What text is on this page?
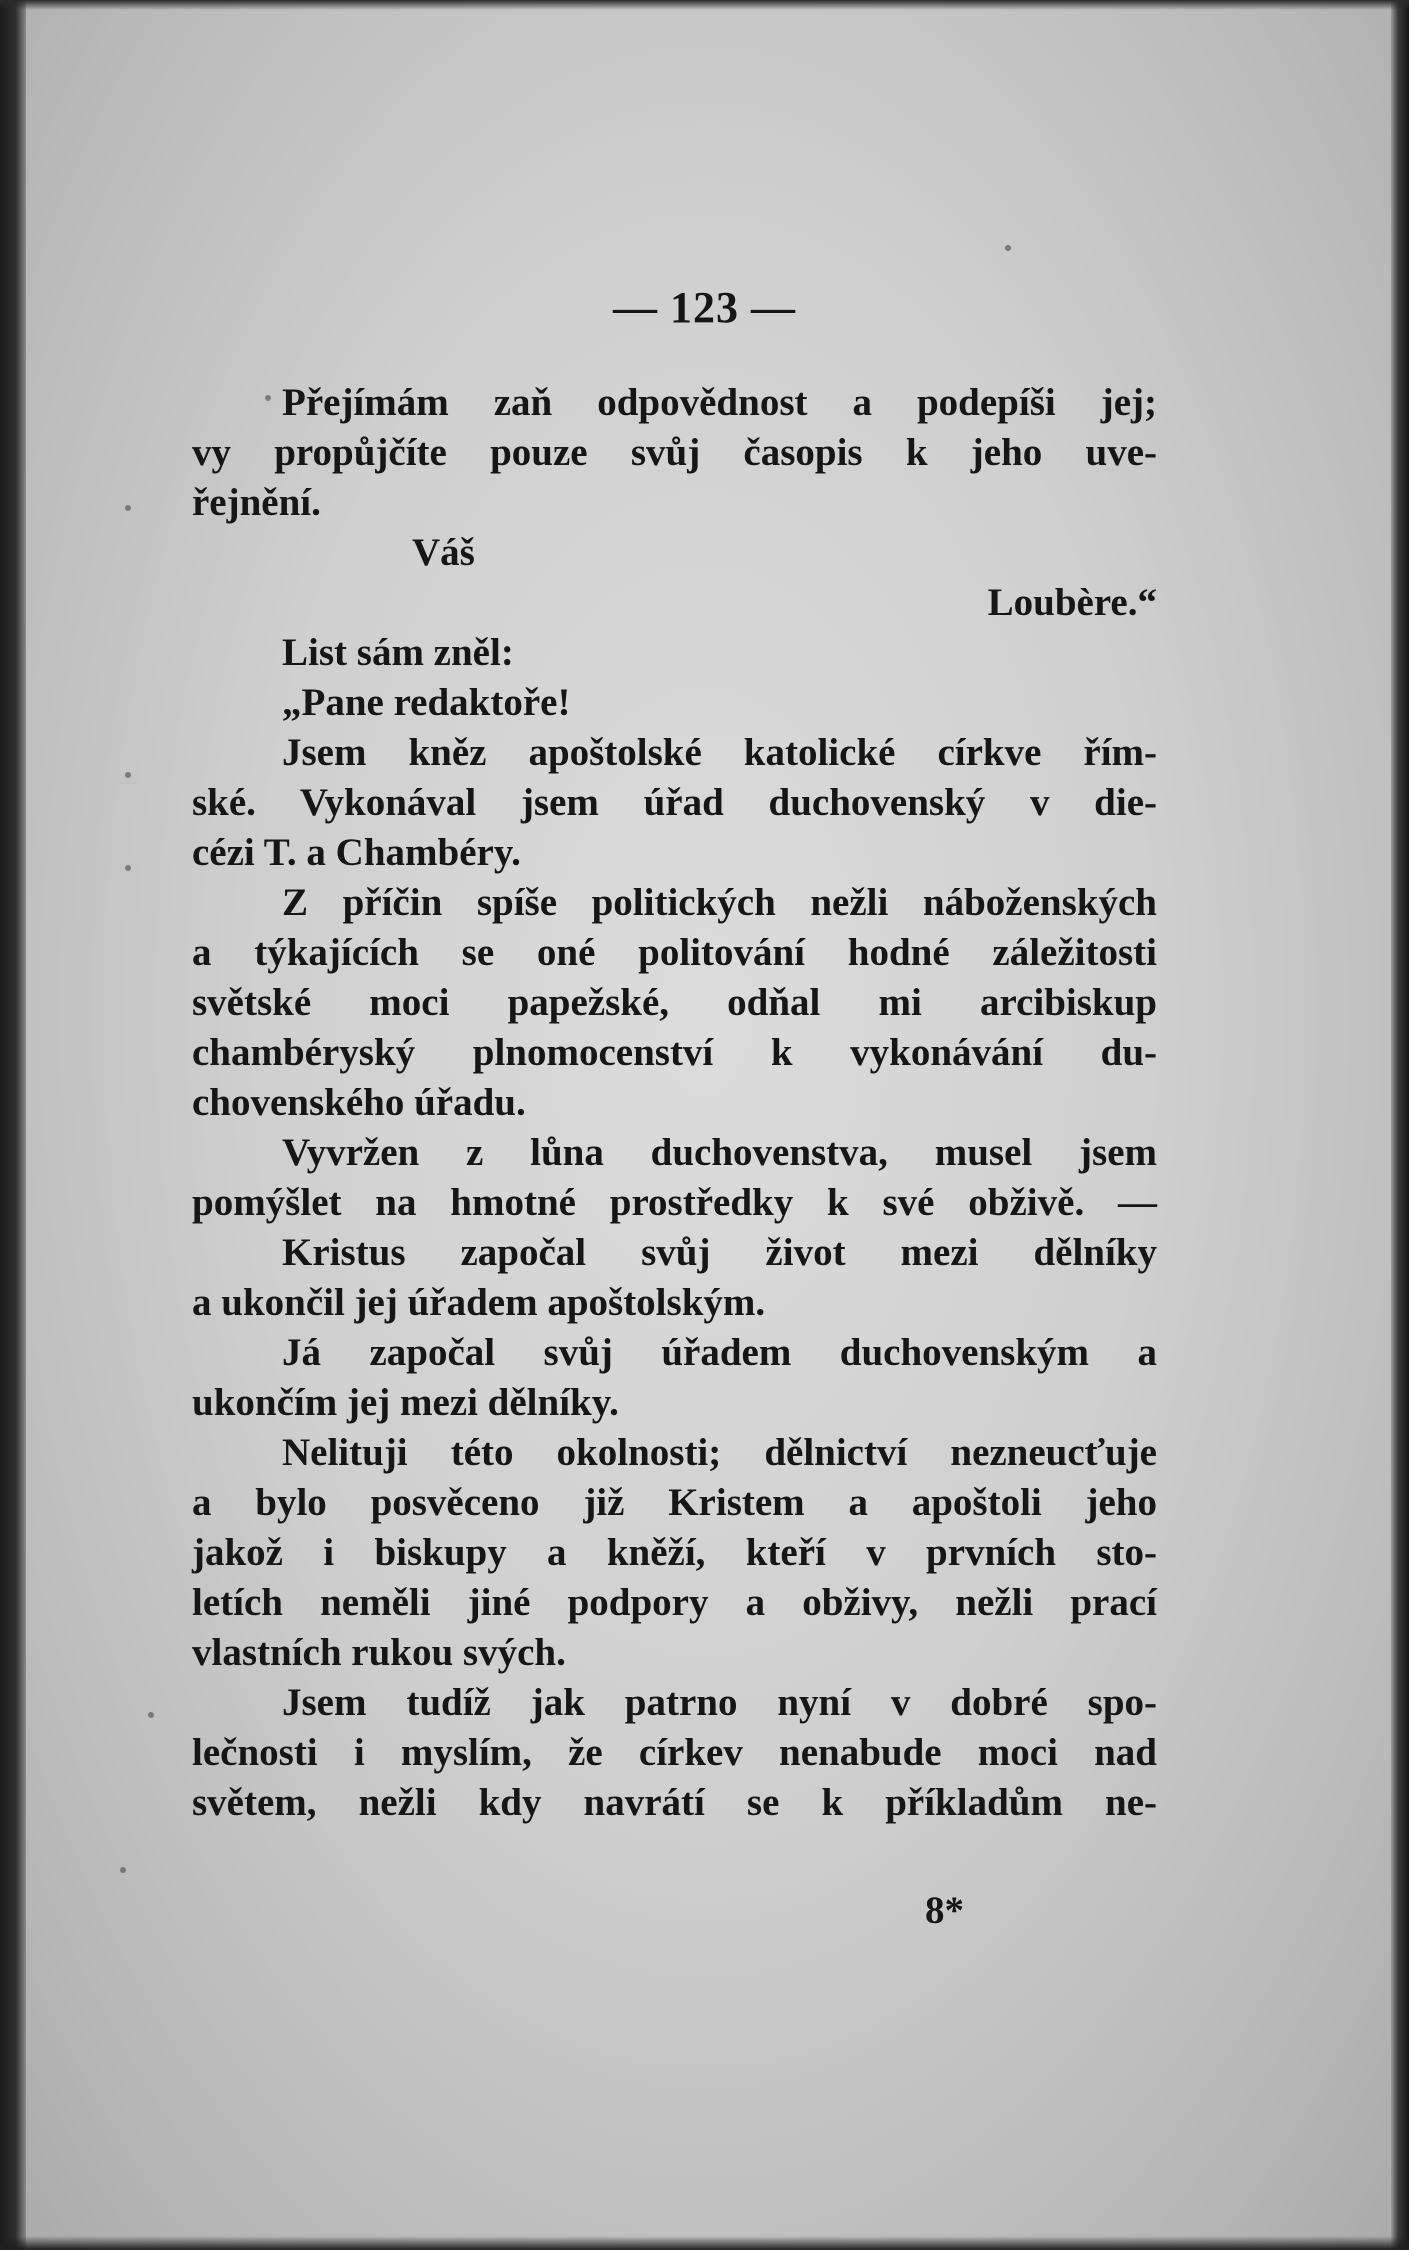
— 123 —
Přejímám zaň odpovědnost a podepíši jej;
vy propůjčíte pouze svůj časopis k jeho uve-
řejnění.
Váš
Loubère.“
List sám zněl:
„Pane redaktoře!
Jsem kněz apoštolské katolické církve řím-
ské. Vykonával jsem úřad duchovenský v die-
cézi T. a Chambéry.
Z příčin spíše politických nežli náboženských
a týkajících se oné politování hodné záležitosti
světské moci papežské, odňal mi arcibiskup
chambéryský plnomocenství k vykonávání du-
chovenského úřadu.
Vyvržen z lůna duchovenstva, musel jsem
pomýšlet na hmotné prostředky k své obživě. —
Kristus započal svůj život mezi dělníky
a ukončil jej úřadem apoštolským.
Já započal svůj úřadem duchovenským a
ukončím jej mezi dělníky.
Nelituji této okolnosti; dělnictví nezneucťuje
a bylo posvěceno již Kristem a apoštoli jeho
jakož i biskupy a kněží, kteří v prvních sto-
letích neměli jiné podpory a obživy, nežli prací
vlastních rukou svých.
Jsem tudíž jak patrno nyní v dobré spo-
lečnosti i myslím, že církev nenabude moci nad
světem, nežli kdy navrátí se k příkladům ne-
8*
